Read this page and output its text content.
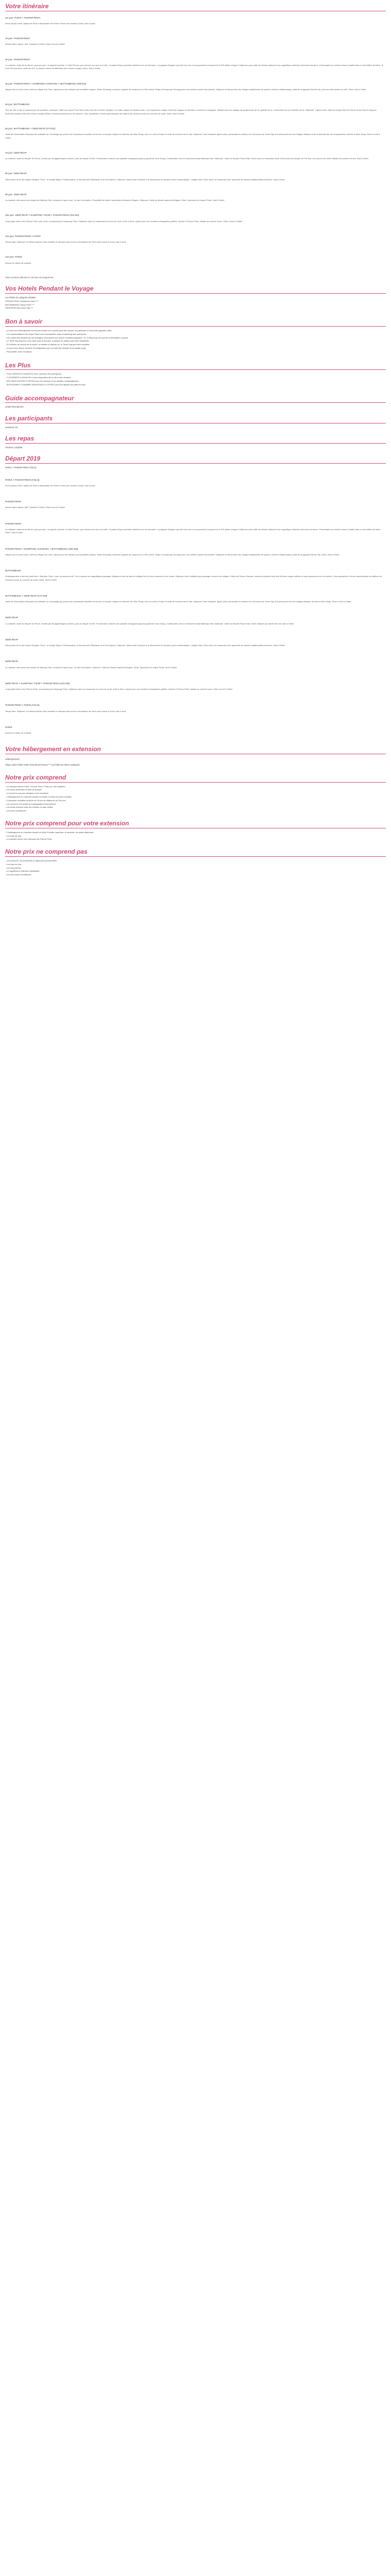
Votre itinéraire

1er jour: PARIS > PHNOM PENH

Envol depuis Paris, départ de Paris à destination de Phnom Penh avec escale à Doha. Nuit à bord.

2e jour: PHNOM PENH

Arrivée dans l'après-midi. Transfert à l'hôtel. Dîner et nuit à l'hôtel.

3e jour: PHNOM PENH

La matinée, visite de la ville en cyclo-pousse : le quartier colonial ; le Wat Phnom, qui a donné son nom à la ville ; le palais Royal, première résidence du roi Norodom ; la pagode d'Argent, qui doit son nom à son pavement composé de 5 000 dalles d'argent. Déjeuner, puis visite du Musée national et sa magnifique collection d'oeuvres khmères. Promenade au marché central, installé dans un bel édifice Art déco. À la fin de la journée, visite de S21, le sinistre centre de détention des Khmers rouges. Dîner. Nuit à l'hôtel.

4e jour: PHNOM PENH > KOMPONG CHHNANG > BATTAMBANG (290 km)

Départ vers le nord-ouest. Arrêt au village Kok Chin, réputé pour ses artisans qui travaillent l'argent. Visite d'Oudong, ancienne capitale du royaume au XVIIe siècle. Étape à Kompong Chhnang pour son célèbre marché de poteries. Déjeuner et découverte des villages traditionnels de potiers. Arrivée à Battambang, visite de la pagode Damrei Sar, puis tour découverte en ville. Dîner. Nuit à l'hôtel.

5e jour: BATTAMBANG

Tour de ville à vélo en passant par les quartiers coloniaux. Visite du marché Psar Nat et des rives de la rivière Sangker. Le matin, départ en bamboo train : une expérience unique à bord de wagons en bambou à travers la campagne. Balade dans les villages de producteurs de riz, galette de riz, vermicelles de riz et feuilles de riz. Déjeuner. L'après-midi, visite du temple Wat Ek Phnom et de Phnom Sampov, ancienne position forte des Khmers rouges offrant un beau panorama sur les rizières. Vous assisterez à l'envol spectaculaire de millions de chauves-souris au coucher du soleil. Dîner. Nuit à l'hôtel.

6e jour: BATTAMBANG > SIEM REAP (173 km)

Visite de l'Association française de solidarité au Cambodge qui permet de nombreuses familles de trouver un emploi. Départ en direction de Siem Reap, avec un arrêt à Psaut et visite de la ferme de la Soie. Déjeuner chez l'habitant. Après-midi, promenade en bateau sur l'immense lac Tonlé Sap à la découverte de ses villages flottants et de la diversité de ses écosystèmes. Arrivée à Siem Reap. Dîner et nuit à l'hôtel.

7e jour: SIEM REAP

La matinée, visite du temple Ta Phrom, envahi par de gigantesques racines, puis du temple Ta Nei. Promenade à travers une paisible campagne jusqu'au grand lac Sras Srang. Continuation vers le charmant temple Banteay Kdei. Déjeuner. Visite du temple Preah Khan. Dîner dans un restaurant local. Découverte du temple de Pre Rup. Au coucher du soleil. Balade au marché de nuit. Nuit à l'hôtel.

8e jour: SIEM REAP

Découverte de la cité royale d'Angkor Thom : le temple Bayon, Phimeanakas, la terrasse des Éléphants et du Roi lépreux. Déjeuner. Après-midi consacré à la découverte du temple le plus emblématique : Angkor Wat. Dîner dans un restaurant avec spectacle de danses traditionnelles khmères. Nuit à l'hôtel.

9e jour: SIEM REAP

La matinée, découverte du temple de Banteay Srei, construit en grès rose. Un site d'exception. Possibilité de visiter l'association Artisans d'Angkor. Déjeuner. Visite du Musée national d'Angkor. Dîner. Spectacle du cirque Phare. Nuit à l'hôtel.

10e jour: SIEM REAP > KAMPONG THOM > PHNOM PENH (315 km)

Long trajet retour vers Phnom Penh avec arrêt, en passant par Kampong Thom. Déjeuner dans un restaurant en cours de route. Arrêt à Skun, réputé pour ses vendeurs d'araignées grillées. Arrivée à Phnom Penh, balade au marché russe. Dîner et nuit à l'hôtel.

11e jour: PHNOM PENH > PARIS

Temps libre. Déjeuner. En début d'après-midi, transfert à l'aéroport puis envol à destination de Paris avec transit à Doha. Nuit à bord.

12e jour: PARIS

Arrivée en début de matinée.

Votre aventure démarre le 13e jour du programme.

Vos Hotels Pendant le Voyage

Les hôtels de catégorie similaire

PHNOM PENH Cardamom Hotel ***
BATTAMBANG Classy Hotel ***
SIEM REAP Bou Savy Villa ***
Bon à savoir
- Le choix de l'hébergement est souvent limité et le confort peut être simple, en particulier à l'écart des grandes villes.
- Les représentations de cirque Phare sont susceptibles selon le planning des spectacles.
- Les visites des temples du site d'Angkor nécessitent une bonne condition physique : il y a beaucoup de marche et d'escaliers à gravir.
- Le Tonlé Sap étant en crue entre août et octobre, la balade en bateau peut être remplacée.
- En fonction du niveau de la rivière, la balade en bateau sur le Tonlé Sap peut être modifiée.
- Le port d'une tenue correcte est obligatoire pour la visite des temples et du palais royal.
- Ponctualité, nous comptons.
Les Plus
- TOUS DÉPARTS GARANTIS avec minimum de participants.
- 3 JOURNÉES À ANGKOR à votre disposition de la cité et des temples.
- DES RENCONTRES FORTES avec les artisans et les familles cambodgiennes.
- SUPPLÉMENT CHAMBRE INDIVIDUELLE OFFERT pour les départs de juillet et août.
Guide accompagnateur

Guide francophone.

Les participants

maximum 18

Les repas

Pension complète.

Départ 2019

PARIS > PHNOM PENH (VOLS)

PARIS > PHNOM PENH (VOLS)

Envol depuis Paris, départ de Paris à destination de Phnom Penh avec escale à Doha. Nuit à bord.

PHNOM PENH

Arrivée dans l'après-midi. Transfert à l'hôtel. Dîner et nuit à l'hôtel.

PHNOM PENH

La matinée, visite de la ville en cyclo-pousse : le quartier colonial ; le Wat Phnom, qui a donné son nom à la ville ; le palais Royal, première résidence du roi Norodom ; la pagode d'Argent, qui doit son nom à son pavement composé de 5 000 dalles d'argent. Déjeuner, puis visite du Musée national et sa magnifique collection d'oeuvres khmères. Promenade au marché central, installé dans un bel édifice Art déco. Dîner. Nuit à l'hôtel.

PHNOM PENH > KOMPONG CHHNANG > BATTAMBANG (290 KM)

Départ vers le nord-ouest. Arrêt au village Kok Chin, réputé pour ses artisans qui travaillent l'argent. Visite d'Oudong, ancienne capitale du royaume au XVIIe siècle. Étape à Kompong Chhnang pour son célèbre marché de poteries. Déjeuner et découverte des villages traditionnels de potiers. Arrivée à Battambang, visite de la pagode Damrei Sar. Dîner. Nuit à l'hôtel.

BATTAMBANG

Embarquement à bord du petit train « Bamboo Train » pour un parcours de 7 km à travers de magnifiques paysages. Balade en tuk-tuk dans le village Kim Kol pour observer la vie rurale. Déjeuner chez l'habitant puis passage à travers les villages. Visite de Phnom Sampov, ancienne position forte des Khmers rouges offrant un beau panorama sur les rizières. Vous assisterez à l'envol spectaculaire de millions de chauves-souris au coucher du soleil. Dîner. Nuit à l'hôtel.

BATTAMBANG > SIEM REAP (173 KM)

Visite de l'Association française de solidarité au Cambodge qui permet de nombreuses familles de trouver un emploi. Départ en direction de Siem Reap, avec un arrêt à Psaut et visite de la ferme de la Soie. Déjeuner chez l'habitant. Après-midi, promenade en bateau sur l'immense lac Tonlé Sap à la découverte de ses villages flottants. Arrivée à Siem Reap. Dîner et nuit à l'hôtel.

SIEM REAP

La matinée, visite du temple Ta Phrom, envahi par de gigantesques racines, puis du temple Ta Nei. Promenade à travers une paisible campagne jusqu'au grand lac Sras Srang. Continuation vers le charmant temple Banteay Kdei. Déjeuner. Visite du temple Preah Khan. Dîner. Balade au marché de nuit. Nuit à l'hôtel.

SIEM REAP

Découverte de la cité royale d'Angkor Thom : le temple Bayon, Phimeanakas, la terrasse des Éléphants et du Roi lépreux. Déjeuner. Après-midi consacré à la découverte du temple le plus emblématique : Angkor Wat. Dîner dans un restaurant avec spectacle de danses traditionnelles khmères. Nuit à l'hôtel.

SIEM REAP

La matinée, découverte du temple de Banteay Srei, construit en grès rose. Un site d'exception. Déjeuner. Visite du Musée national d'Angkor. Dîner. Spectacle du cirque Phare. Nuit à l'hôtel.

SIEM REAP > KAMPONG THOM > PHNOM PENH (315 KM)

Long trajet retour vers Phnom Penh, en passant par Kampong Thom. Déjeuner dans un restaurant en cours de route. Arrêt à Skun, réputé pour ses vendeurs d'araignées grillées. Arrivée à Phnom Penh, balade au marché russe. Dîner et nuit à l'hôtel.

PHNOM PENH > PARIS (VOLS)

Temps libre. Déjeuner. En début d'après-midi, transfert à l'aéroport puis envol à destination de Paris avec transit à Doha. Nuit à bord.

PARIS

Arrivée en début de matinée.

Votre hébergement en extension

Hébergement

Séjour dans l'hôtel Hotel Chris Beach Resort *** (ou hôtel de même catégorie)

Notre prix comprend
- Le transport aérien Paris / Phnom Penh / Paris sur vols réguliers.
- Les taxes aériennes et frais de dossier.
- Le circuit en autocar climatisé et les transferts.
- L'hébergement en chambre double en hôtels 3 étoiles (normes locales).
- La pension complète du dîner du 2e jour au déjeuner du 11e jour.
- Les services d'un guide accompagnateur francophone.
- Les droits d'entrée dans les musées et sites visités.
- Les tours mentionnés.
Notre prix comprend pour votre extension
- L'hébergement en chambre double en hôtel 3 étoiles supérieur, le transfert, les petits-déjeuners.
- Les frais de visa.
- Le transfert retour vers l'aéroport de Phnom Penh.
Notre prix ne comprend pas
- Les boissons, les pourboires et dépenses personnelles.
- Les frais de visa.
- Les assurances.
- Le supplément chambre individuelle.
- Les excursions facultatives.
